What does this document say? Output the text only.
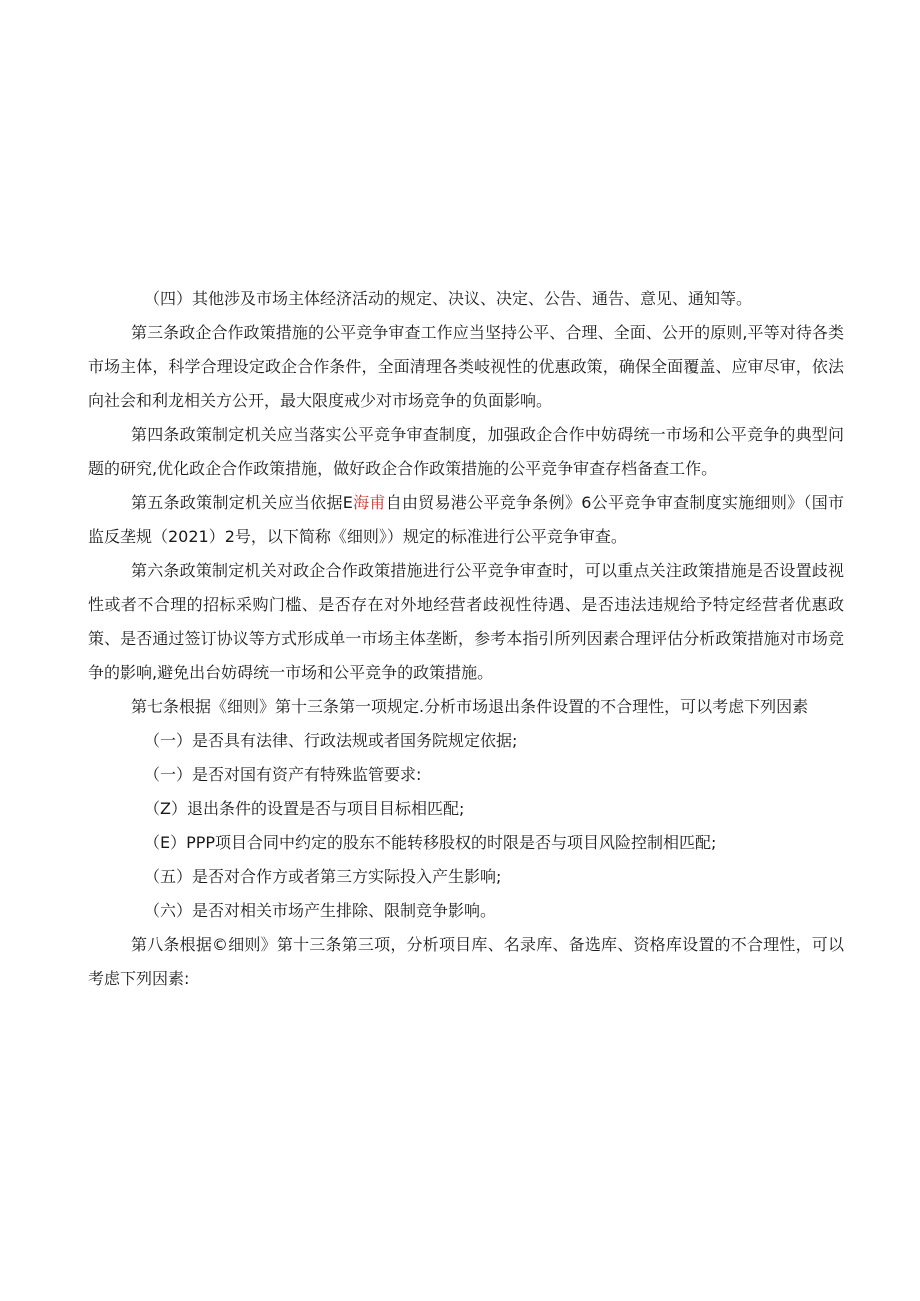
（四）其他涉及市场主体经济活动的规定、决议、决定、公告、通告、意见、通知等。

第三条政企合作政策措施的公平竞争审查工作应当坚持公平、合理、全面、公开的原则,平等对待各类市场主体，科学合理设定政企合作条件，全面清理各类岐视性的优惠政策，确保全面覆盖、应审尽审，依法向社会和利龙相关方公开，最大限度戒少对市场竞争的负面影响。

第四条政策制定机关应当落实公平竞争审查制度，加强政企合作中妨碍统一市场和公平竞争的典型问题的研究,优化政企合作政策措施，做好政企合作政策措施的公平竞争审查存档备查工作。

第五条政策制定机关应当依据E海甫自由贸易港公平竞争条例》6公平竞争审查制度实施细则》（国市监反垄规（2021）2号，以下简称《细则》）规定的标准进行公平竞争审查。

第六条政策制定机关对政企合作政策措施进行公平竞争审查时，可以重点关注政策措施是否设置歧视性或者不合理的招标采购门槛、是否存在对外地经营者歧视性待遇、是否违法违规给予特定经营者优惠政策、是否通过签订协议等方式形成单一市场主体垄断，参考本指引所列因素合理评估分析政策措施对市场竞争的影响,避免出台妨碍统一市场和公平竞争的政策措施。

第七条根据《细则》第十三条第一项规定.分析市场退出条件设置的不合理性，可以考虑下列因素

（一）是否具有法律、行政法规或者国务院规定依据;

（一）是否对国有资产有特殊监管要求:

（Z）退出条件的设置是否与项目目标相匹配;

（E）PPP项目合同中约定的股东不能转移股权的时限是否与项目风险控制相匹配;

（五）是否对合作方或者第三方实际投入产生影响;

（六）是否对相关市场产生排除、限制竞争影响。

第八条根据©细则》第十三条第三项，分析项目库、名录库、备选库、资格库设置的不合理性，可以考虑下列因素:
